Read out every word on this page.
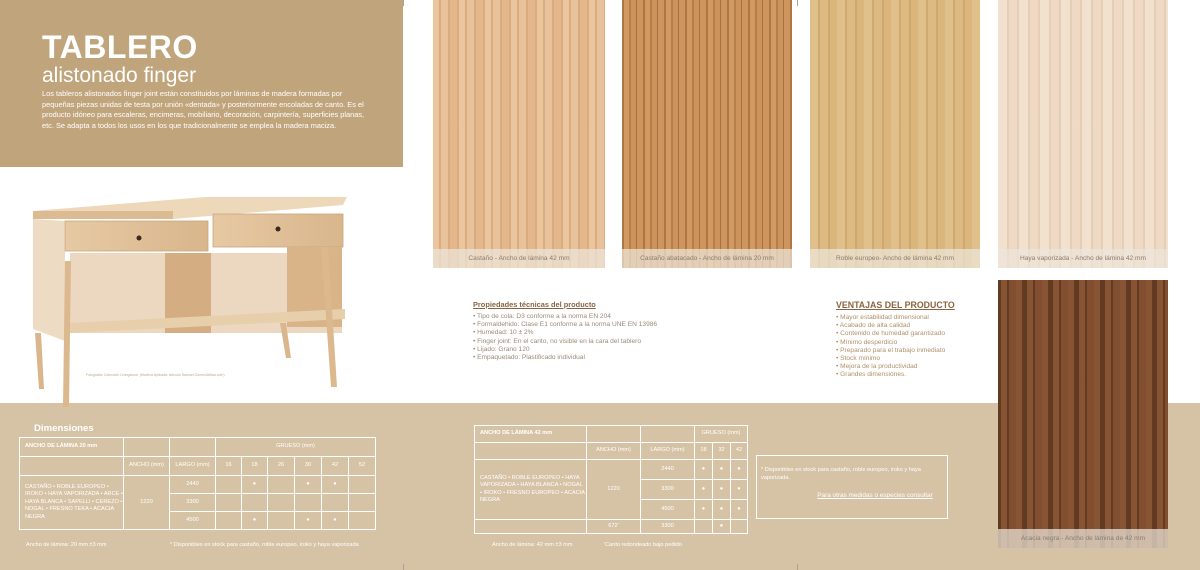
TABLERO
alistonado finger
Los tableros alistonados finger joint están constituidos por láminas de madera formadas por pequeñas piezas unidas de testa por unión «dentada» y posteriormente encoladas de canto. Es el producto idóneo para escaleras, encimeras, mobiliario, decoración, carpintería, superficies planas, etc. Se adapta a todos los usos en los que tradicionalmente se emplea la madera maciza.
Fotografía: Colección Livingstone. (Madera Aplicada: Artículo Samuel Gomes/Alfaar.com)
Castaño - Ancho de lámina 42 mm	Castaño abatacado - Ancho de lámina 20 mm	Roble europeo- Ancho de lámina 42 mm	Haya vaporizada - Ancho de lámina 42 mm
Acacia negra - Ancho de lámina de 42 mm
Propiedades técnicas del producto
• Tipo de cola: D3 conforme a la norma EN 204
• Formaldehido: Clase E1 conforme a la norma UNE EN 13986
• Humedad: 10 ± 2%
• Finger joint: En el canto, no visible en la cara del tablero
• Lijado: Grano 120
• Empaquetado: Plastificado individual
VENTAJAS DEL PRODUCTO
• Mayor estabilidad dimensional
• Acabado de alta calidad
• Contenido de humedad garantizado
• Mínimo desperdicio
• Preparado para el trabajo inmediato
• Stock mínimo
• Mejora de la productividad
• Grandes dimensiones.
Dimensiones
ANCHO DE LÁMINA 20 mm			GRUESO (mm)					
	ANCHO (mm)	LARGO (mm)	16	18	26	30	42	52
CASTAÑO • ROBLE EUROPEO • IROKO • HAYA VAPORIZADA • ARCE • HAYA BLANCA • SAPELLI • CEREZO • NOGAL • FRESNO TEKA • ACACIA NEGRA	1220	2440		●		●	●	
		3300						
		4500		●		●	●	
ANCHO DE LÁMINA 42 mm			GRUESO (mm)		
	ANCHO (mm)	LARGO (mm)	18	32	42
CASTAÑO • ROBLE EUROPEO • HAYA VAPORIZADA • HAYA BLANCA • NOGAL • IROKO • FRESNO EUROPEO • ACACIA NEGRA	1220	2440	●	●	●
		3300	●	●	●
		4500	●	●	●
	672'	3300		●	
* Disponibles en stock para castaño, roble europeo, iroko y haya vaporizada.
Para otras medidas o especies consultar
Ancho de lámina: 20 mm ±3 mm	* Disponibles en stock para castaño, roble europeo, iroko y haya vaporizada	Ancho de lámina: 42 mm ±3 mm	'Canto redondeado bajo pedido
